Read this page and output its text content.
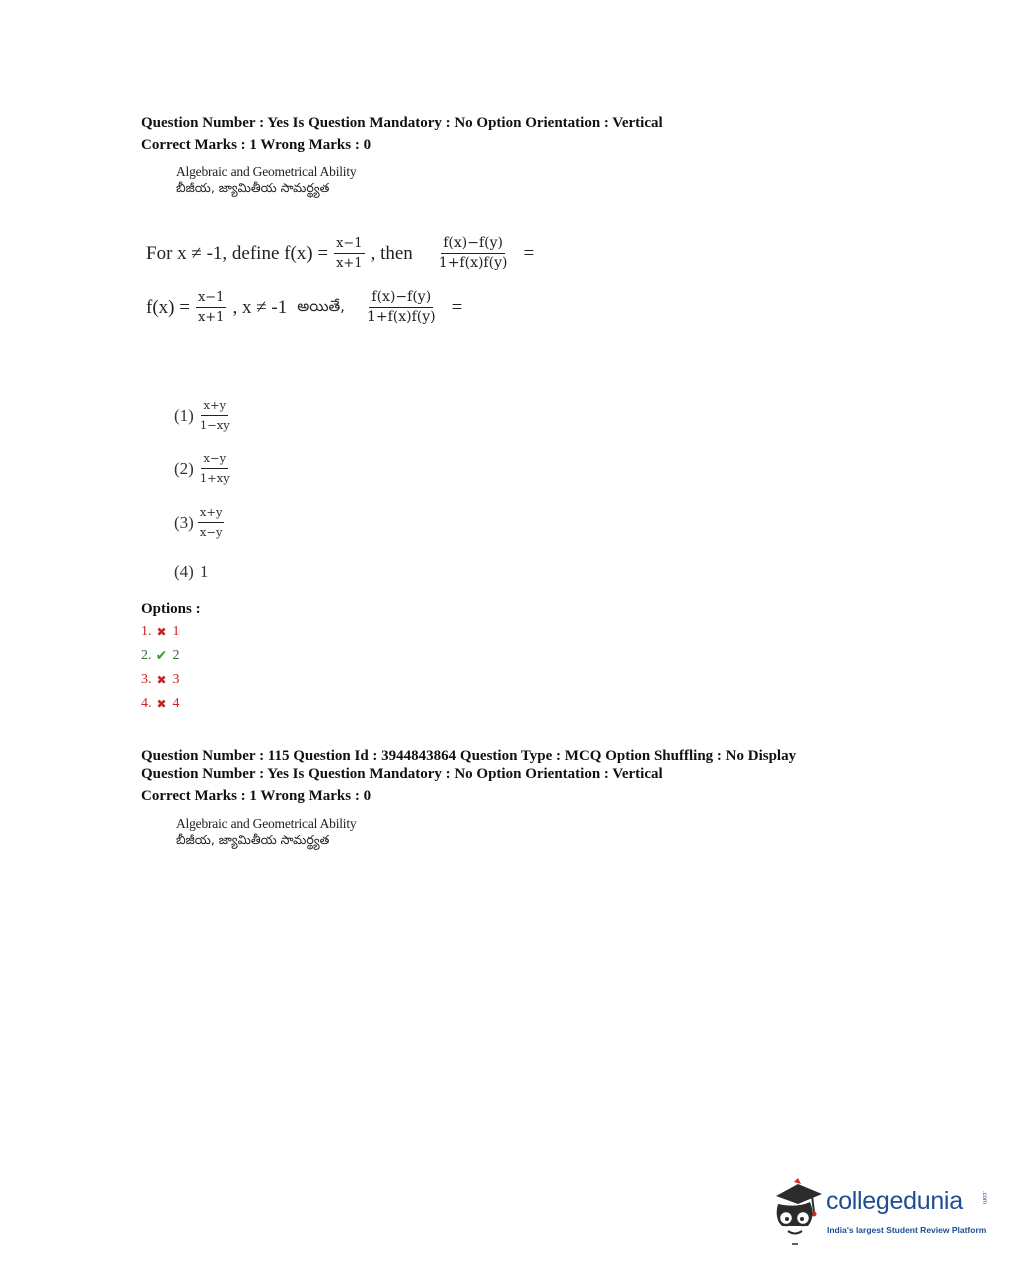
Question Number : Yes Is Question Mandatory : No Option Orientation : Vertical
Correct Marks : 1 Wrong Marks : 0
Algebraic and Geometrical Ability
బీజీయ, జ్యామితీయ సామర్థ్యత
For x ≠ -1, define $f(x) = \frac{x-1}{x+1}$ , then $\frac{f(x)-f(y)}{1+f(x)f(y)}$ =
$f(x) = \frac{x-1}{x+1}$ , x ≠ -1 అయితే, $\frac{f(x)-f(y)}{1+f(x)f(y)}$ =
$(1) \frac{x+y}{1-xy}$
$(2) \frac{x-y}{1+xy}$
$(3) \frac{x+y}{x-y}$
(4) 1
Options :
1. ✖ 1
2. ✔ 2
3. ✖ 3
4. ✖ 4
Question Number : 115 Question Id : 3944843864 Question Type : MCQ Option Shuffling : No Display
Question Number : Yes Is Question Mandatory : No Option Orientation : Vertical
Correct Marks : 1 Wrong Marks : 0
Algebraic and Geometrical Ability
బీజీయ, జ్యామితీయ సామర్థ్యత
collegedunia	.com
India's largest Student Review Platform
